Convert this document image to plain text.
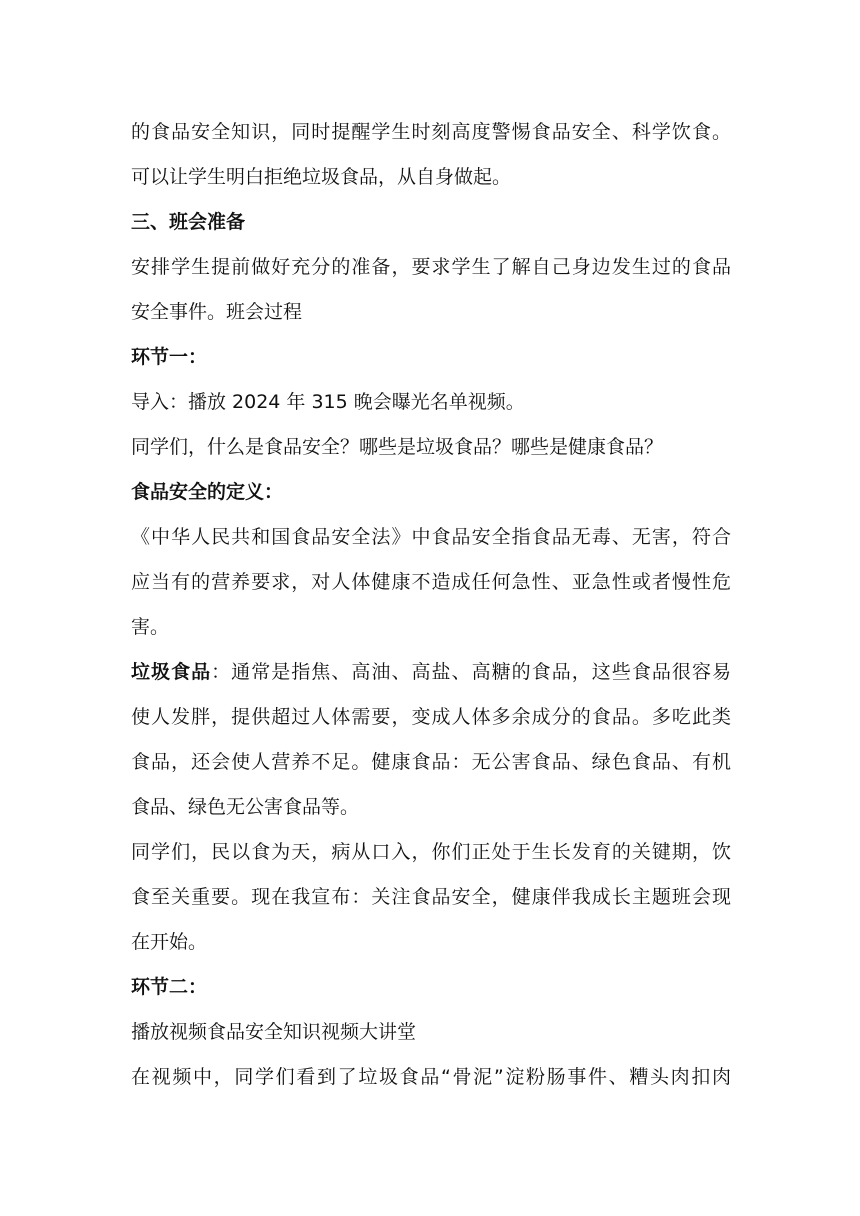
的食品安全知识，同时提醒学生时刻高度警惕食品安全、科学饮食。
可以让学生明白拒绝垃圾食品，从自身做起。
三、班会准备
安排学生提前做好充分的准备，要求学生了解自己身边发生过的食品
安全事件。班会过程
环节一：
导入：播放 2024 年 315 晚会曝光名单视频。
同学们，什么是食品安全？哪些是垃圾食品？哪些是健康食品？
食品安全的定义：
《中华人民共和国食品安全法》中食品安全指食品无毒、无害，符合
应当有的营养要求，对人体健康不造成任何急性、亚急性或者慢性危
害。
垃圾食品：通常是指焦、高油、高盐、高糖的食品，这些食品很容易
使人发胖，提供超过人体需要，变成人体多余成分的食品。多吃此类
食品，还会使人营养不足。健康食品：无公害食品、绿色食品、有机
食品、绿色无公害食品等。
同学们，民以食为天，病从口入，你们正处于生长发育的关键期，饮
食至关重要。现在我宣布：关注食品安全，健康伴我成长主题班会现
在开始。
环节二：
播放视频食品安全知识视频大讲堂
在视频中，同学们看到了垃圾食品“骨泥”淀粉肠事件、糟头肉扣肉
